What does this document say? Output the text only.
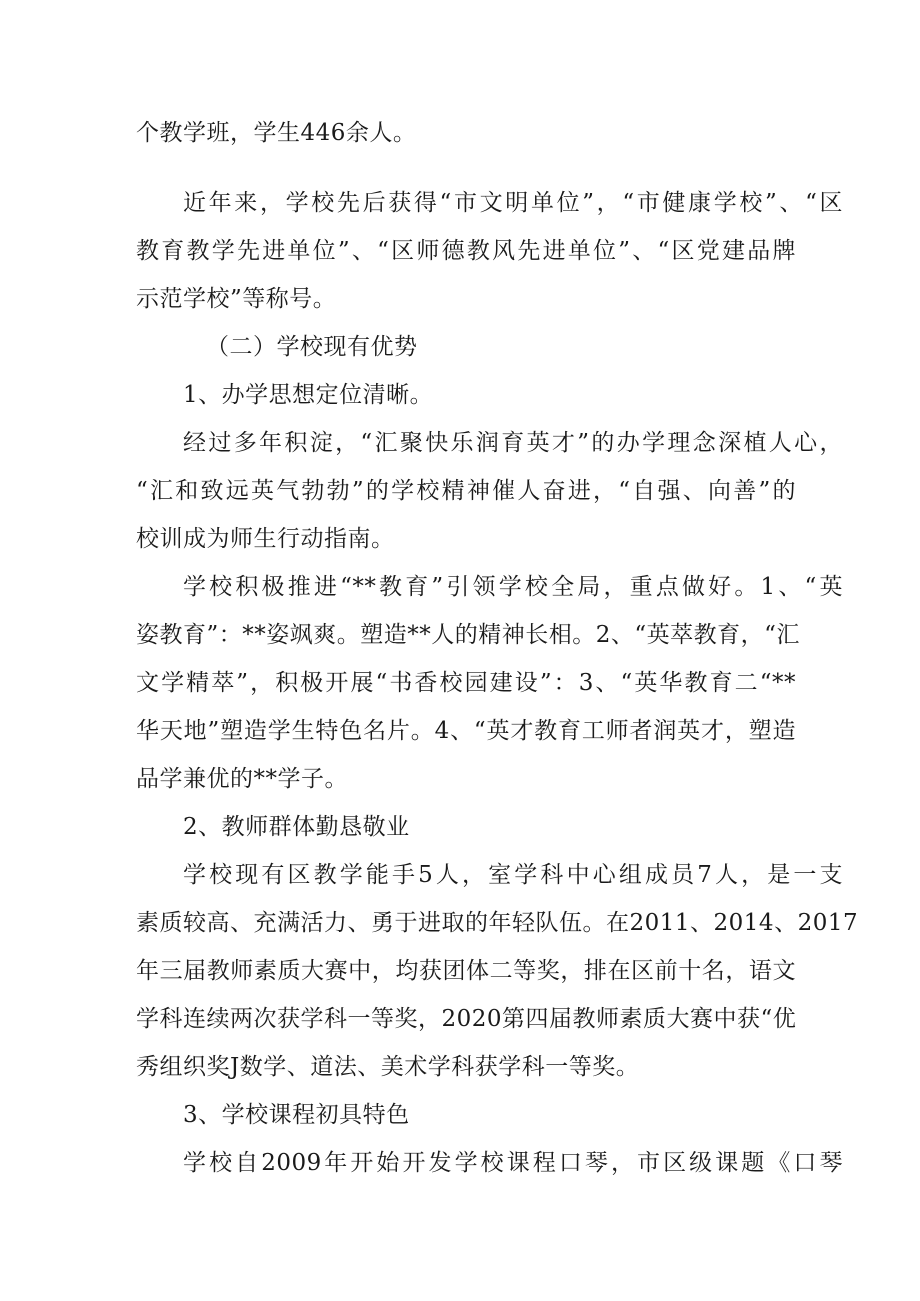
个教学班，学生446余人。
近年来，学校先后获得“市文明单位”，“市健康学校”、“区
教育教学先进单位”、“区师德教风先进单位”、“区党建品牌
示范学校”等称号。
（二）学校现有优势
1、办学思想定位清晰。
经过多年积淀，“汇聚快乐润育英才”的办学理念深植人心，
“汇和致远英气勃勃”的学校精神催人奋进，“自强、向善”的
校训成为师生行动指南。
学校积极推进“**教育”引领学校全局，重点做好。1、“英
姿教育”：**姿飒爽。塑造**人的精神长相。2、“英萃教育，“汇
文学精萃”，积极开展“书香校园建设”：3、“英华教育二“**
华天地”塑造学生特色名片。4、“英才教育工师者润英才，塑造
品学兼优的**学子。
2、教师群体勤恳敬业
学校现有区教学能手5人，室学科中心组成员7人，是一支
素质较高、充满活力、勇于进取的年轻队伍。在2011、2014、2017
年三届教师素质大赛中，均获团体二等奖，排在区前十名，语文
学科连续两次获学科一等奖，2020第四届教师素质大赛中获“优
秀组织奖J数学、道法、美术学科获学科一等奖。
3、学校课程初具特色
学校自2009年开始开发学校课程口琴，市区级课题《口琴
